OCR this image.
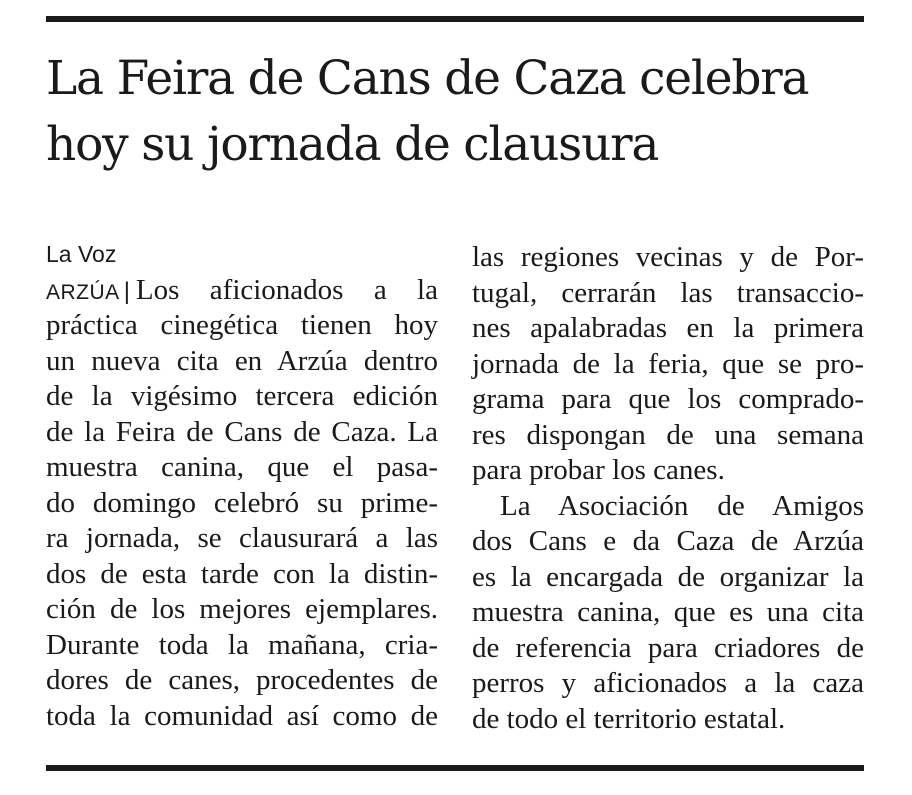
La Feira de Cans de Caza celebra
hoy su jornada de clausura
La Voz
ARZÚA | Los aficionados a la
práctica cinegética tienen hoy
un nueva cita en Arzúa dentro
de la vigésimo tercera edición
de la Feira de Cans de Caza. La
muestra canina, que el pasa-
do domingo celebró su prime-
ra jornada, se clausurará a las
dos de esta tarde con la distin-
ción de los mejores ejemplares.
Durante toda la mañana, cria-
dores de canes, procedentes de
toda la comunidad así como de
las regiones vecinas y de Por-
tugal, cerrarán las transaccio-
nes apalabradas en la primera
jornada de la feria, que se pro-
grama para que los comprado-
res dispongan de una semana
para probar los canes.
La Asociación de Amigos
dos Cans e da Caza de Arzúa
es la encargada de organizar la
muestra canina, que es una cita
de referencia para criadores de
perros y aficionados a la caza
de todo el territorio estatal.
